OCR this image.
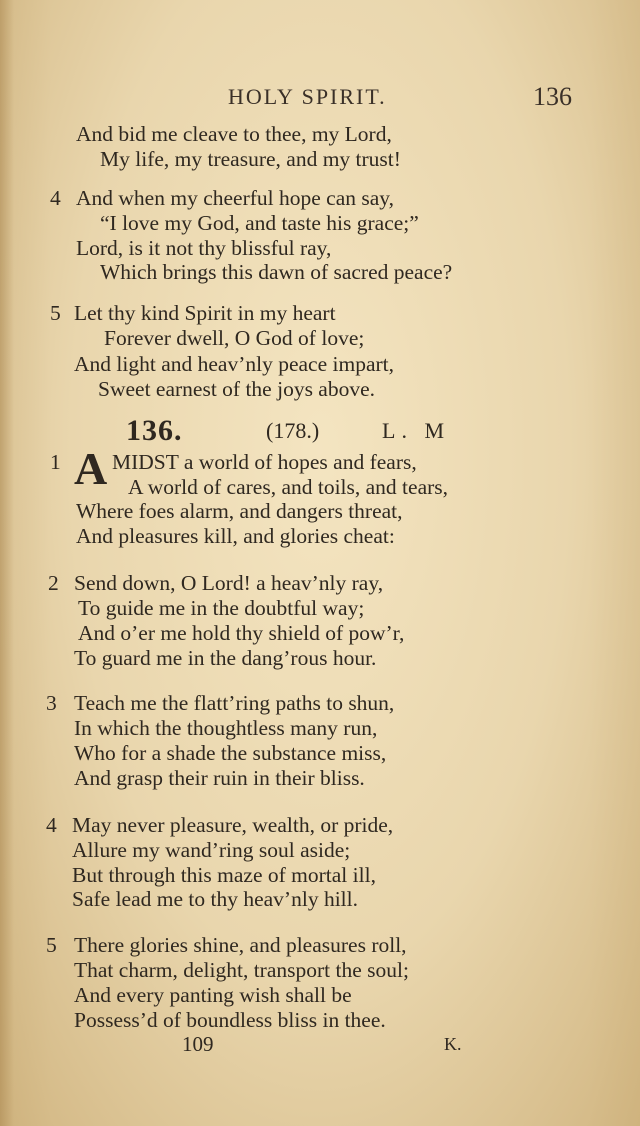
HOLY SPIRIT.	136
And bid me cleave to thee, my Lord,
My life, my treasure, and my trust!
4 And when my cheerful hope can say,
“I love my God, and taste his grace;”
Lord, is it not thy blissful ray,
Which brings this dawn of sacred peace?
5 Let thy kind Spirit in my heart
Forever dwell, O God of love;
And light and heav’nly peace impart,
Sweet earnest of the joys above.
136.	(178.)	L. M
1 A MIDST a world of hopes and fears,
A world of cares, and toils, and tears,
Where foes alarm, and dangers threat,
And pleasures kill, and glories cheat:
2 Send down, O Lord! a heav’nly ray,
To guide me in the doubtful way;
And o’er me hold thy shield of pow’r,
To guard me in the dang’rous hour.
3 Teach me the flatt’ring paths to shun,
In which the thoughtless many run,
Who for a shade the substance miss,
And grasp their ruin in their bliss.
4 May never pleasure, wealth, or pride,
Allure my wand’ring soul aside;
But through this maze of mortal ill,
Safe lead me to thy heav’nly hill.
5 There glories shine, and pleasures roll,
That charm, delight, transport the soul;
And every panting wish shall be
Possess’d of boundless bliss in thee.
109	K.
